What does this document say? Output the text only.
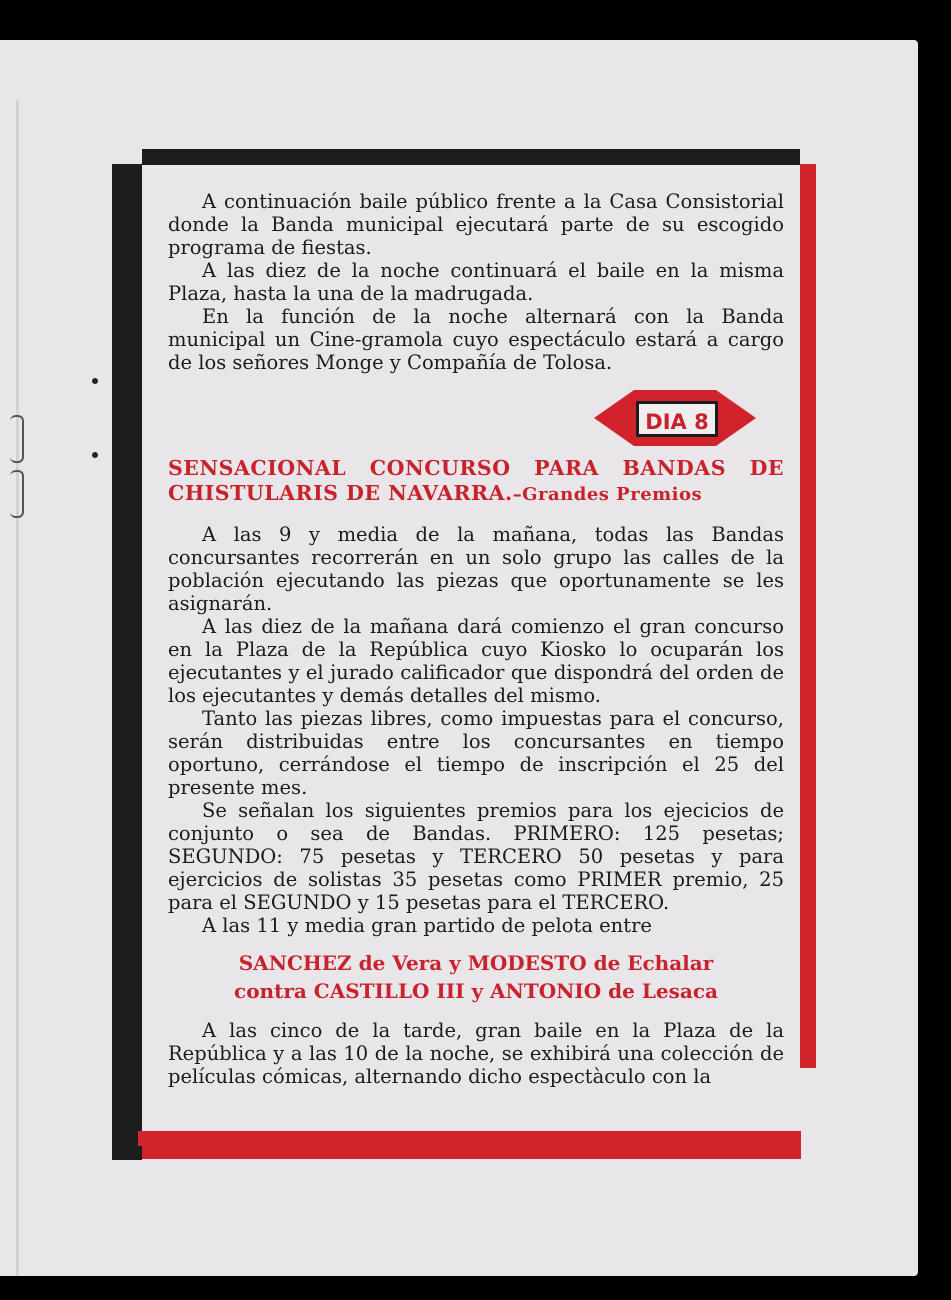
A continuación baile público frente a la Casa Consistorial donde la Banda municipal ejecutará parte de su escogido programa de fiestas.

A las diez de la noche continuará el baile en la misma Plaza, hasta la una de la madrugada.

En la función de la noche alternará con la Banda municipal un Cine-gramola cuyo espectáculo estará a cargo de los señores Monge y Compañía de Tolosa.

DIA 8
SENSACIONAL CONCURSO PARA BANDAS DE CHISTULARIS DE NAVARRA.–Grandes Premios

A las 9 y media de la mañana, todas las Bandas concursantes recorrerán en un solo grupo las calles de la población ejecutando las piezas que oportunamente se les asignarán.

A las diez de la mañana dará comienzo el gran concurso en la Plaza de la República cuyo Kiosko lo ocuparán los ejecutantes y el jurado calificador que dispondrá del orden de los ejecutantes y demás detalles del mismo.

Tanto las piezas libres, como impuestas para el concurso, serán distribuidas entre los concursantes en tiempo oportuno, cerrándose el tiempo de inscripción el 25 del presente mes.

Se señalan los siguientes premios para los ejecicios de conjunto o sea de Bandas. PRIMERO: 125 pesetas; SEGUNDO: 75 pesetas y TERCERO 50 pesetas y para ejercicios de solistas 35 pesetas como PRIMER premio, 25 para el SEGUNDO y 15 pesetas para el TERCERO.

A las 11 y media gran partido de pelota entre

SANCHEZ de Vera y MODESTO de Echalar
contra CASTILLO III y ANTONIO de Lesaca

A las cinco de la tarde, gran baile en la Plaza de la República y a las 10 de la noche, se exhibirá una colección de películas cómicas, alternando dicho espectàculo con la
